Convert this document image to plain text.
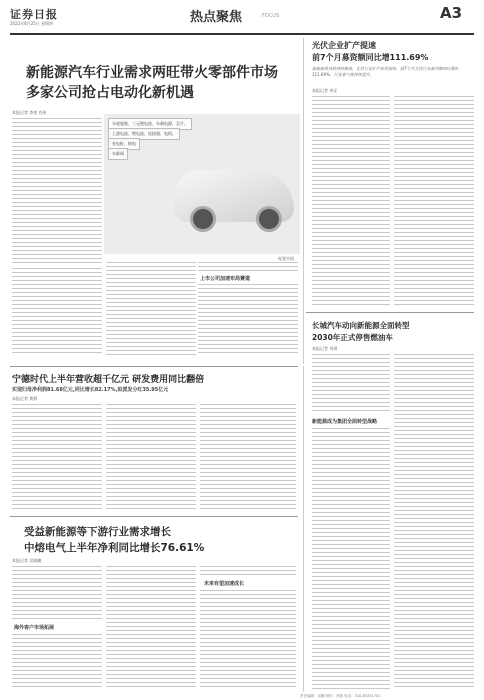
证券日报
2022年8月25日 星期四	热点聚焦	FOCUS	A3
新能源汽车行业需求两旺带火零部件市场
多家公司抢占电动化新机遇
本报记者 李豪 肖伟
车轮轮胎、三元锂电池、车载电源、芯片、
上游电池、锂电池、连接器、电机、
充电桩、换电
车联网
视觉中国
上市公司加速布局赛道
光伏企业扩产提速
前7个月募资额同比增111.69%
新能源项目的持续推进，光伏行业扩产步伐加快，前7个月光伏行业募资额同比增长111.69%，行业景气度持续提升。
本报记者 李正
长城汽车动向新能源全面转型
2030年正式停售燃油车
宁德时代上半年营收超千亿元 研发费用同比翻倍
实现归母净利润81.68亿元,同比增长82.17%,拟派发分红35.95亿元
本报记者 黄群
本报记者 刘琪
新能源成为集团全面转型战略
受益新能源等下游行业需求增长
中熔电气上半年净利同比增长76.61%
本报记者 吴晓璐
海外客户市场拓展
未来有望加速成长
责任编辑：吴鹏 制作：李波 电话：010-83251702
